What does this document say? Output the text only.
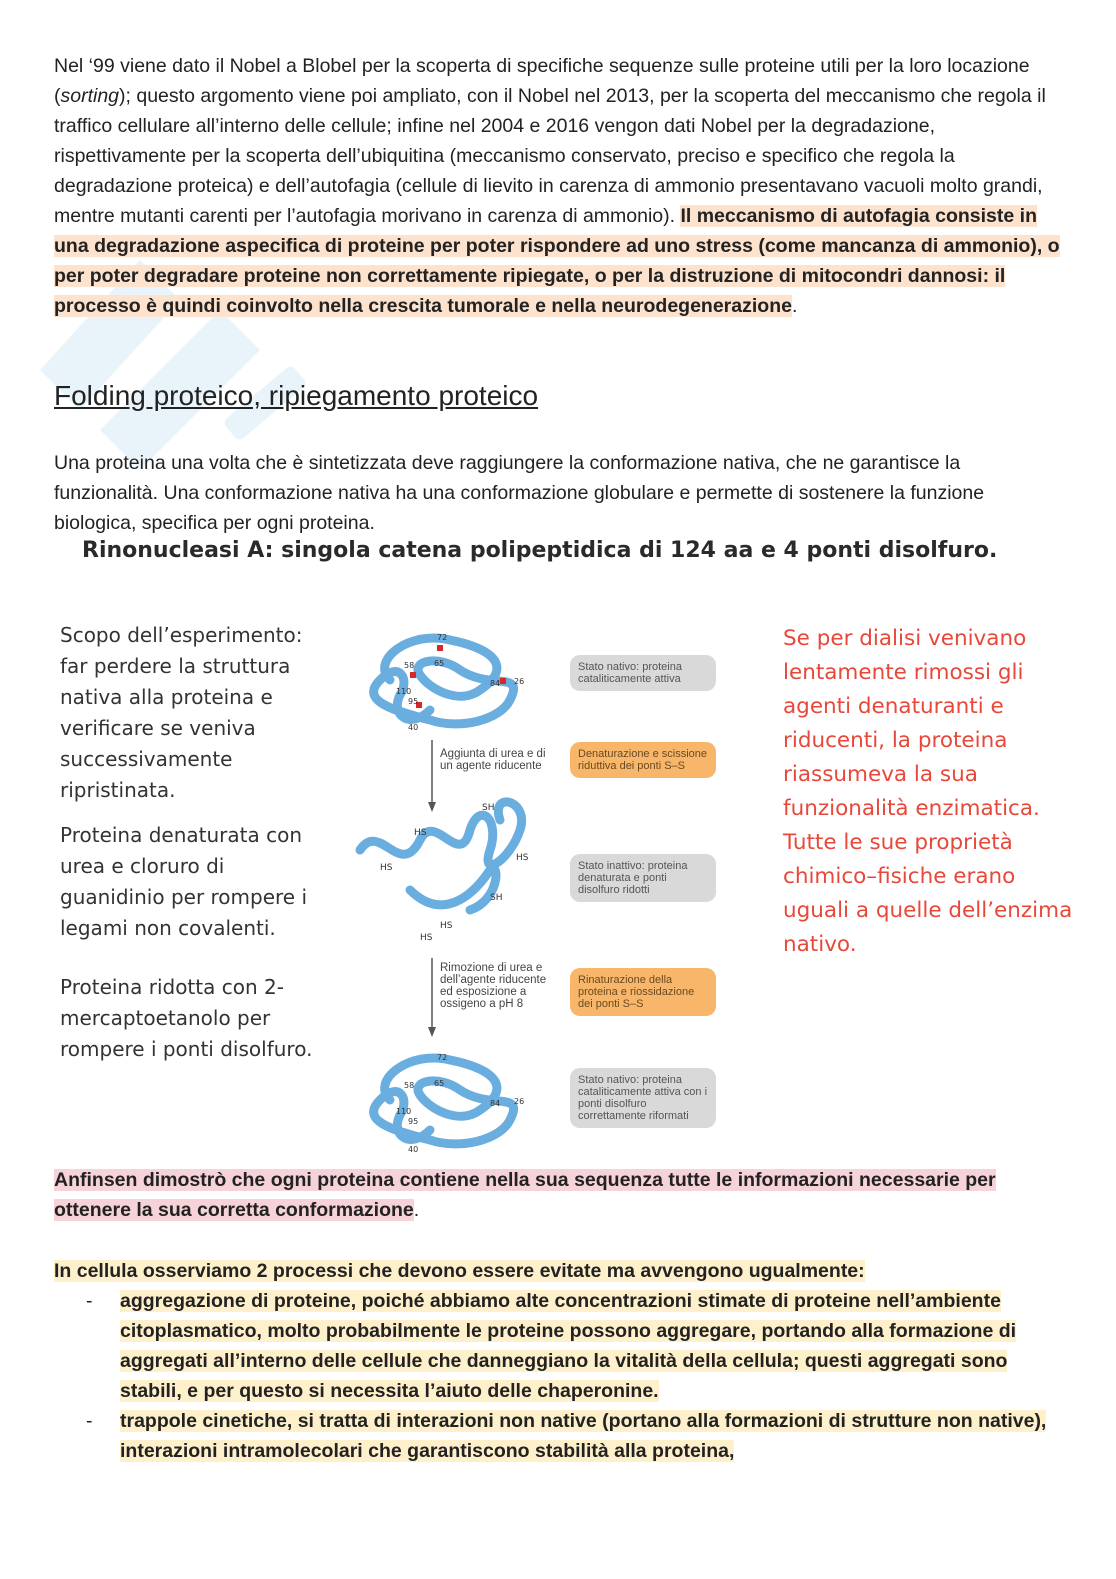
Nel ‘99 viene dato il Nobel a Blobel per la scoperta di specifiche sequenze sulle proteine utili per la loro locazione (sorting); questo argomento viene poi ampliato, con il Nobel nel 2013, per la scoperta del meccanismo che regola il traffico cellulare all’interno delle cellule; infine nel 2004 e 2016 vengon dati Nobel per la degradazione, rispettivamente per la scoperta dell’ubiquitina (meccanismo conservato, preciso e specifico che regola la degradazione proteica) e dell’autofagia (cellule di lievito in carenza di ammonio presentavano vacuoli molto grandi, mentre mutanti carenti per l’autofagia morivano in carenza di ammonio). Il meccanismo di autofagia consiste in una degradazione aspecifica di proteine per poter rispondere ad uno stress (come mancanza di ammonio), o per poter degradare proteine non correttamente ripiegate, o per la distruzione di mitocondri dannosi: il processo è quindi coinvolto nella crescita tumorale e nella neurodegenerazione.

Folding proteico, ripiegamento proteico

Una proteina una volta che è sintetizzata deve raggiungere la conformazione nativa, che ne garantisce la funzionalità. Una conformazione nativa ha una conformazione globulare e permette di sostenere la funzione biologica, specifica per ogni proteina.

Rinonucleasi A: singola catena polipeptidica di 124 aa e 4 ponti disolfuro.

Scopo dell’esperimento: far perdere la struttura nativa alla proteina e verificare se veniva successivamente ripristinata.

Proteina denaturata con urea e cloruro di guanidinio per rompere i legami non covalenti.

Proteina ridotta con 2-mercaptoetanolo per rompere i ponti disolfuro.

Se per dialisi venivano lentamente rimossi gli agenti denaturanti e riducenti, la proteina riassumeva la sua funzionalità enzimatica. Tutte le sue proprietà chimico–fisiche erano uguali a quelle dell’enzima nativo.

72
58 65
110
95
84 26
40
SH
HS
HS
HS
SH
HS
HS
72
58 65
110
95
84 26
40
Aggiunta di urea e di un agente riducente
Rimozione di urea e dell’agente riducente ed esposizione a ossigeno a pH 8
Stato nativo: proteina cataliticamente attiva
Denaturazione e scissione riduttiva dei ponti S–S
Stato inattivo: proteina denaturata e ponti disolfuro ridotti
Rinaturazione della proteina e riossidazione dei ponti S–S
Stato nativo: proteina cataliticamente attiva con i ponti disolfuro correttamente riformati

Anfinsen dimostrò che ogni proteina contiene nella sua sequenza tutte le informazioni necessarie per ottenere la sua corretta conformazione.

In cellula osserviamo 2 processi che devono essere evitate ma avvengono ugualmente:

- aggregazione di proteine, poiché abbiamo alte concentrazioni stimate di proteine nell’ambiente citoplasmatico, molto probabilmente le proteine possono aggregare, portando alla formazione di aggregati all’interno delle cellule che danneggiano la vitalità della cellula; questi aggregati sono stabili, e per questo si necessita l’aiuto delle chaperonine.
- trappole cinetiche, si tratta di interazioni non native (portano alla formazioni di strutture non native), interazioni intramolecolari che garantiscono stabilità alla proteina,
